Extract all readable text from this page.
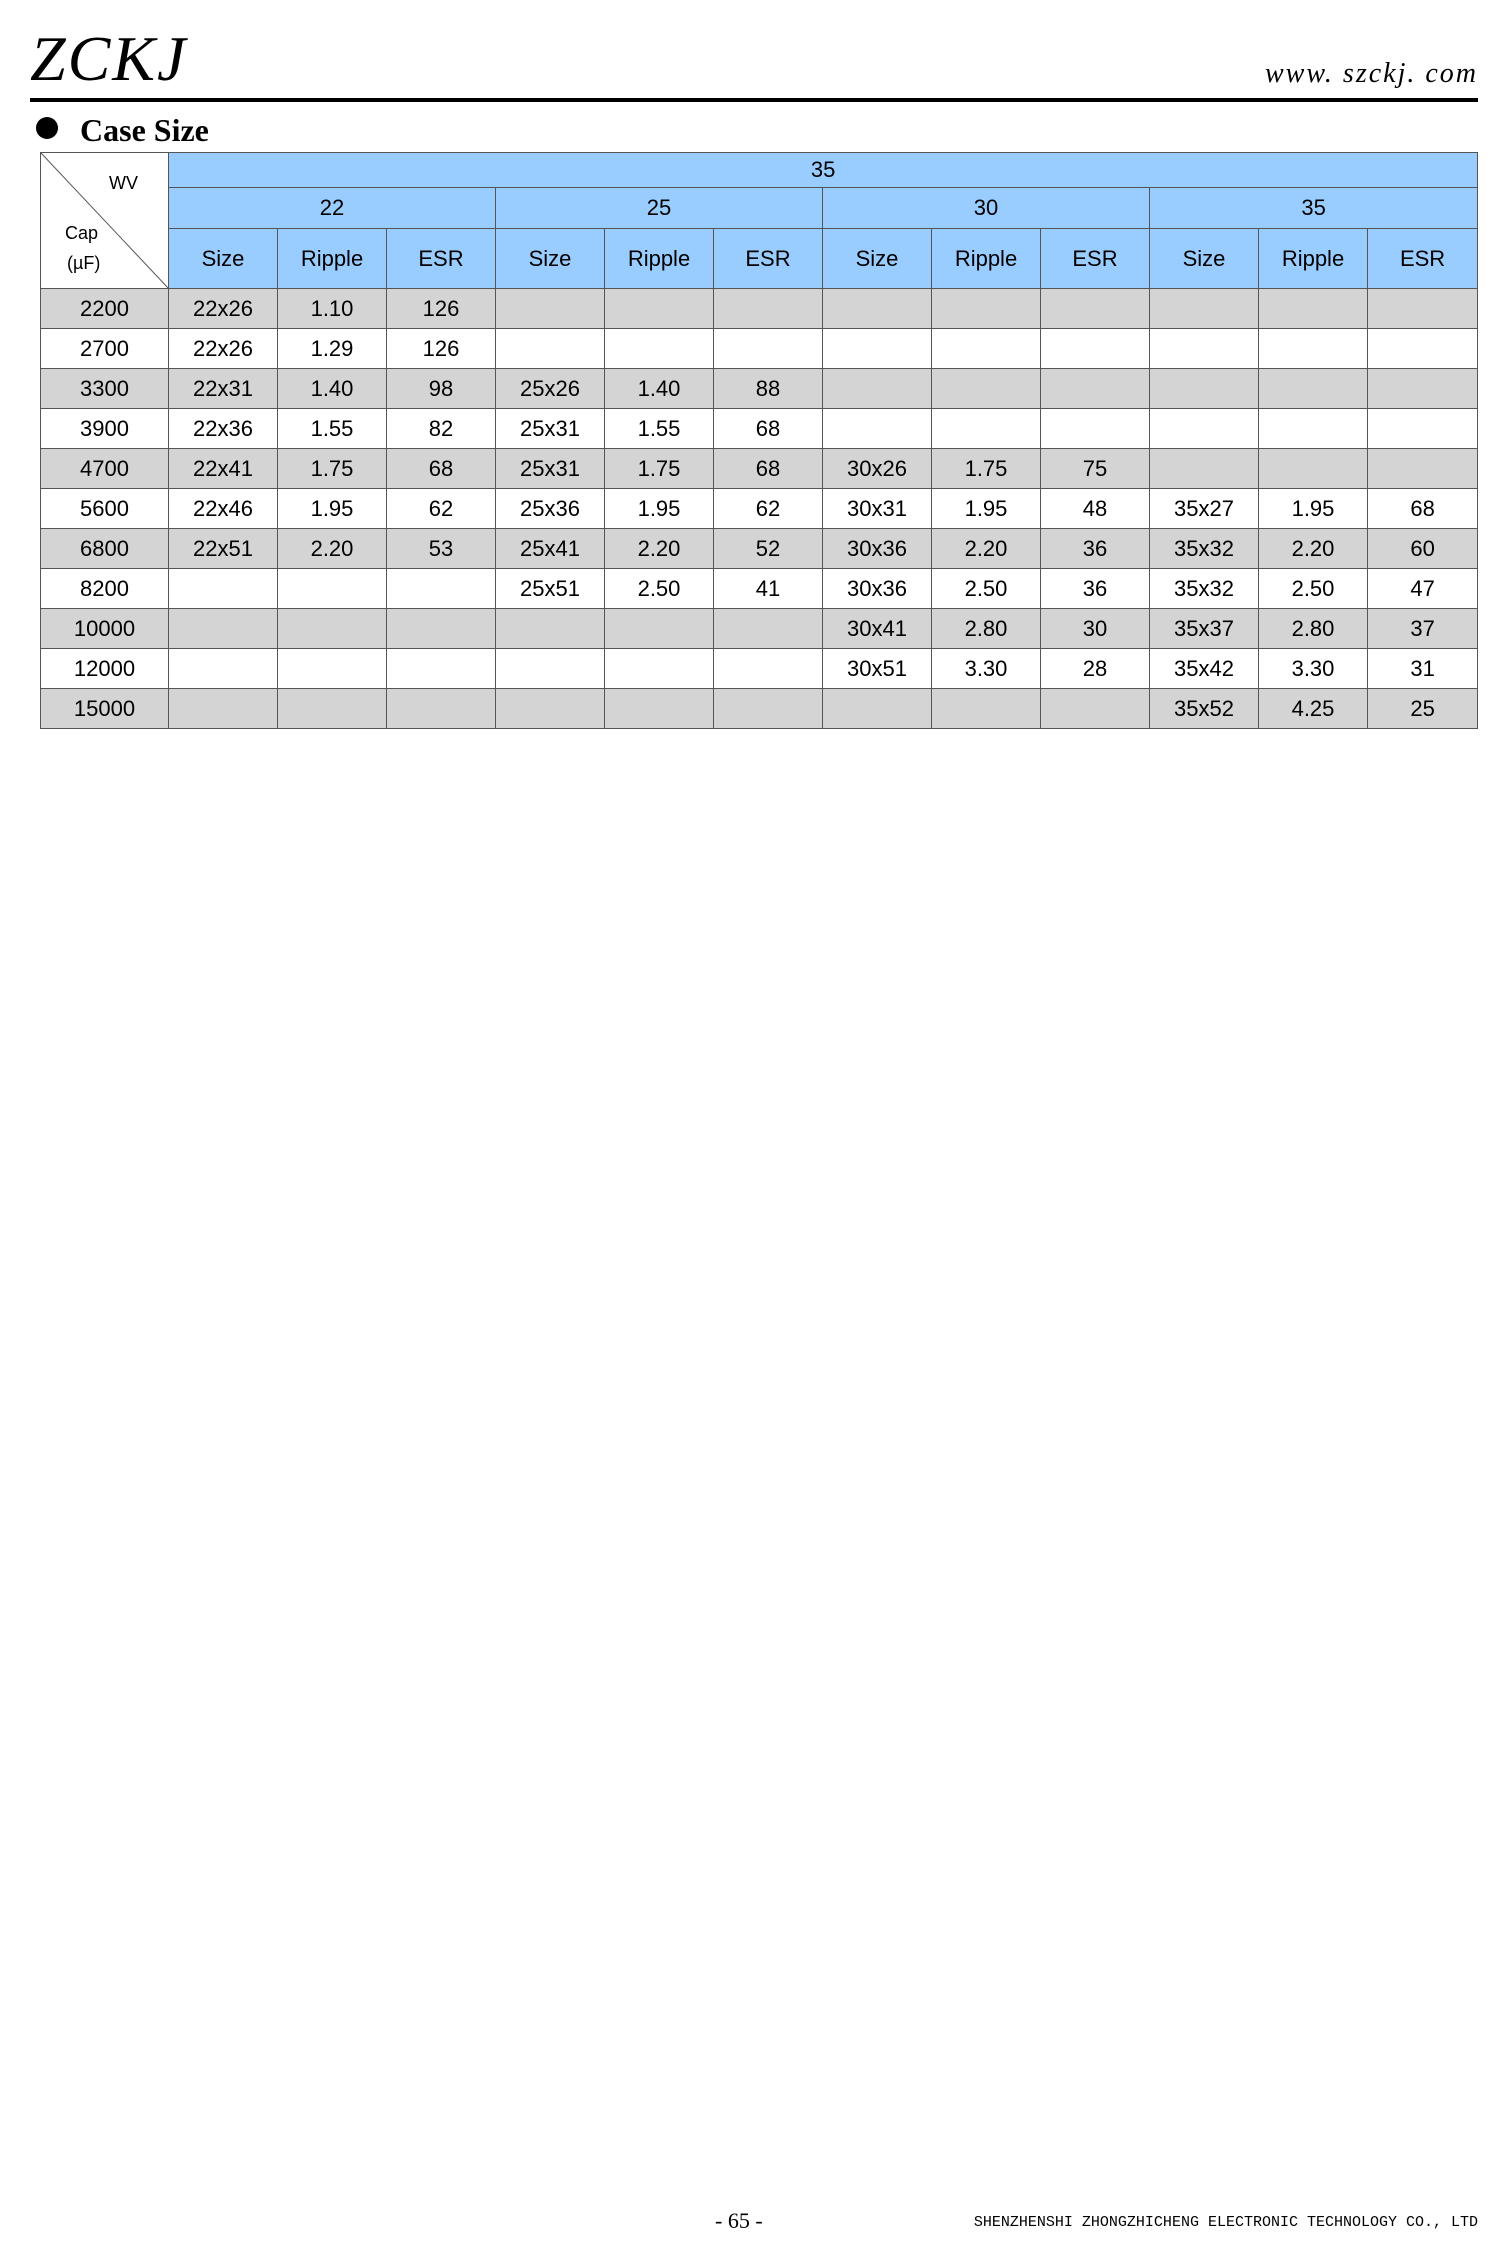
ZCKJ	www. szckj. com
Case Size
WV
Cap
(µF)	35											
	22			25			30			35		
	Size	Ripple	ESR	Size	Ripple	ESR	Size	Ripple	ESR	Size	Ripple	ESR
2200	22x26	1.10	126									
2700	22x26	1.29	126									
3300	22x31	1.40	98	25x26	1.40	88						
3900	22x36	1.55	82	25x31	1.55	68						
4700	22x41	1.75	68	25x31	1.75	68	30x26	1.75	75			
5600	22x46	1.95	62	25x36	1.95	62	30x31	1.95	48	35x27	1.95	68
6800	22x51	2.20	53	25x41	2.20	52	30x36	2.20	36	35x32	2.20	60
8200				25x51	2.50	41	30x36	2.50	36	35x32	2.50	47
10000							30x41	2.80	30	35x37	2.80	37
12000							30x51	3.30	28	35x42	3.30	31
15000										35x52	4.25	25
- 65 -	SHENZHENSHI ZHONGZHICHENG ELECTRONIC TECHNOLOGY CO., LTD
